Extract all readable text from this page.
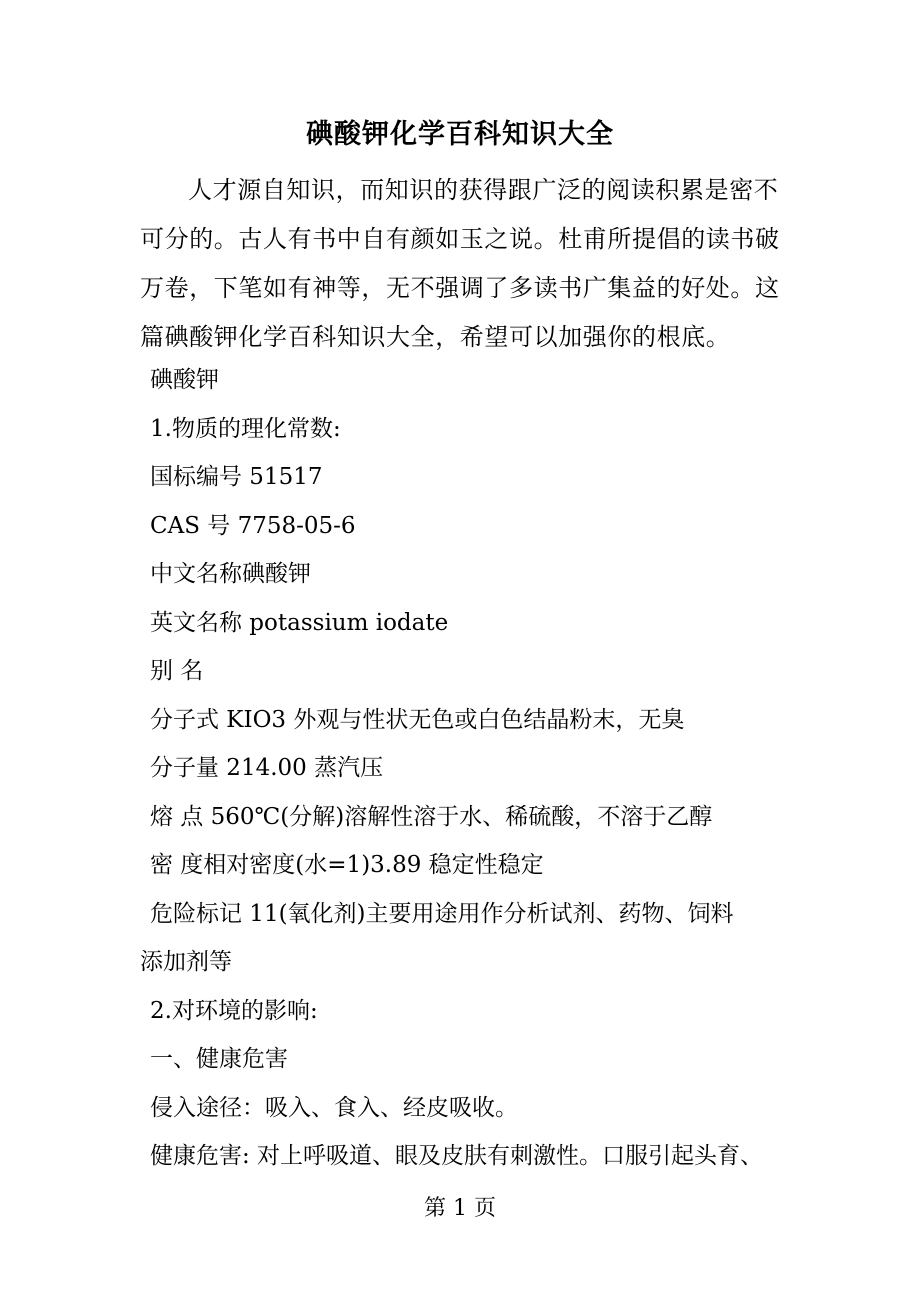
碘酸钾化学百科知识大全

人才源自知识，而知识的获得跟广泛的阅读积累是密不可分的。古人有书中自有颜如玉之说。杜甫所提倡的读书破万卷，下笔如有神等，无不强调了多读书广集益的好处。这篇碘酸钾化学百科知识大全，希望可以加强你的根底。

碘酸钾
1.物质的理化常数:
国标编号 51517
CAS 号 7758-05-6
中文名称碘酸钾
英文名称 potassium iodate
别 名
分子式 KIO3 外观与性状无色或白色结晶粉末，无臭
分子量 214.00 蒸汽压
熔 点 560℃(分解)溶解性溶于水、稀硫酸，不溶于乙醇
密 度相对密度(水=1)3.89 稳定性稳定
危险标记 11(氧化剂)主要用途用作分析试剂、药物、饲料
添加剂等
2.对环境的影响:
一、健康危害
侵入途径：吸入、食入、经皮吸收。
健康危害: 对上呼吸道、眼及皮肤有刺激性。口服引起头育、
第 1 页
